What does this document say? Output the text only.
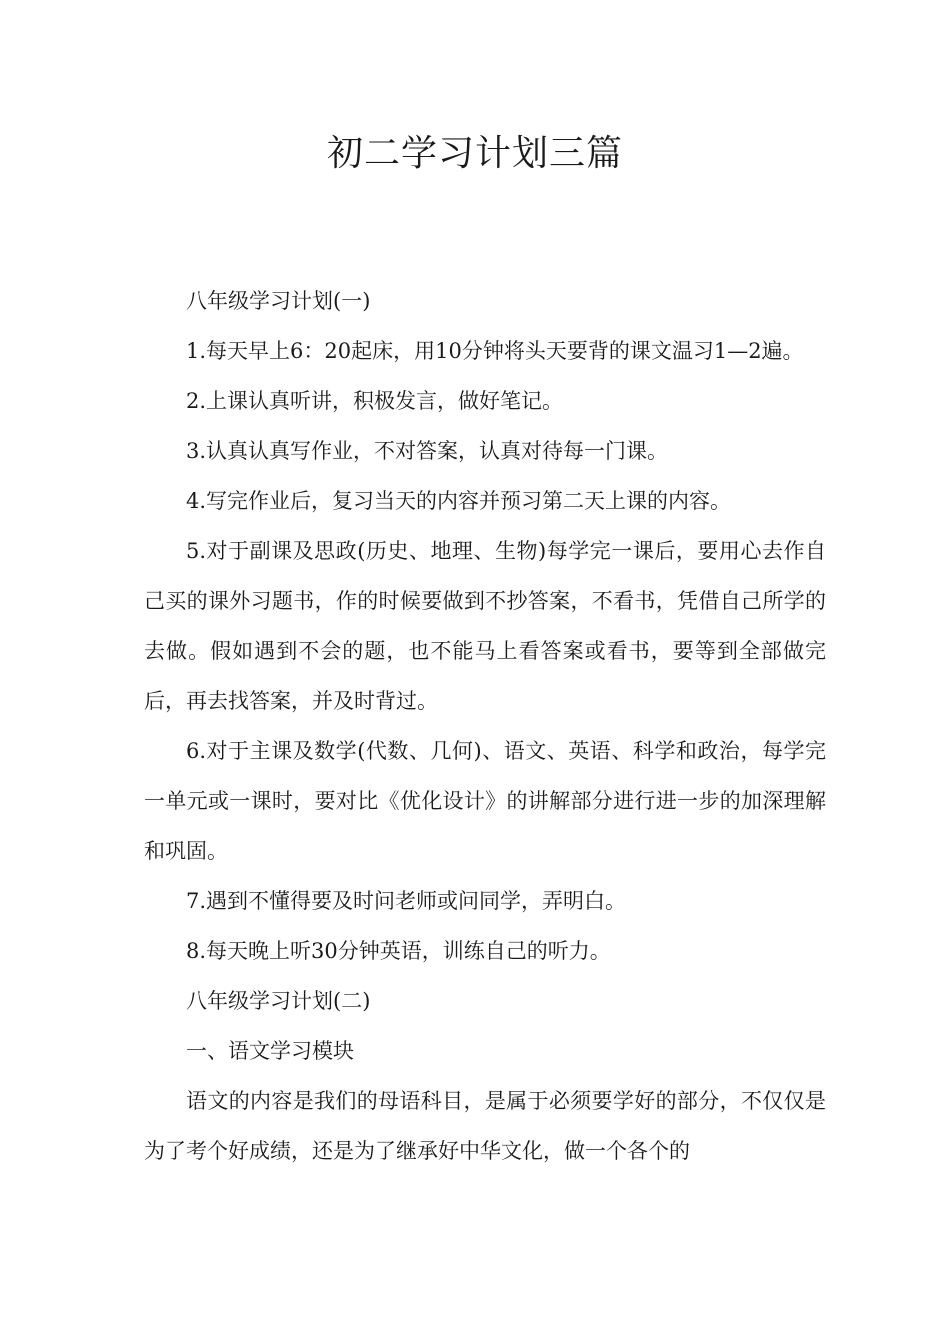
初二学习计划三篇

八年级学习计划(一)

1.每天早上6：20起床，用10分钟将头天要背的课文温习1—2遍。

2.上课认真听讲，积极发言，做好笔记。

3.认真认真写作业，不对答案，认真对待每一门课。

4.写完作业后，复习当天的内容并预习第二天上课的内容。

5.对于副课及思政(历史、地理、生物)每学完一课后，要用心去作自己买的课外习题书，作的时候要做到不抄答案，不看书，凭借自己所学的去做。假如遇到不会的题，也不能马上看答案或看书，要等到全部做完后，再去找答案，并及时背过。

6.对于主课及数学(代数、几何)、语文、英语、科学和政治，每学完一单元或一课时，要对比《优化设计》的讲解部分进行进一步的加深理解和巩固。

7.遇到不懂得要及时问老师或问同学，弄明白。

8.每天晚上听30分钟英语，训练自己的听力。

八年级学习计划(二)

一、语文学习模块

语文的内容是我们的母语科目，是属于必须要学好的部分，不仅仅是为了考个好成绩，还是为了继承好中华文化，做一个各个的
